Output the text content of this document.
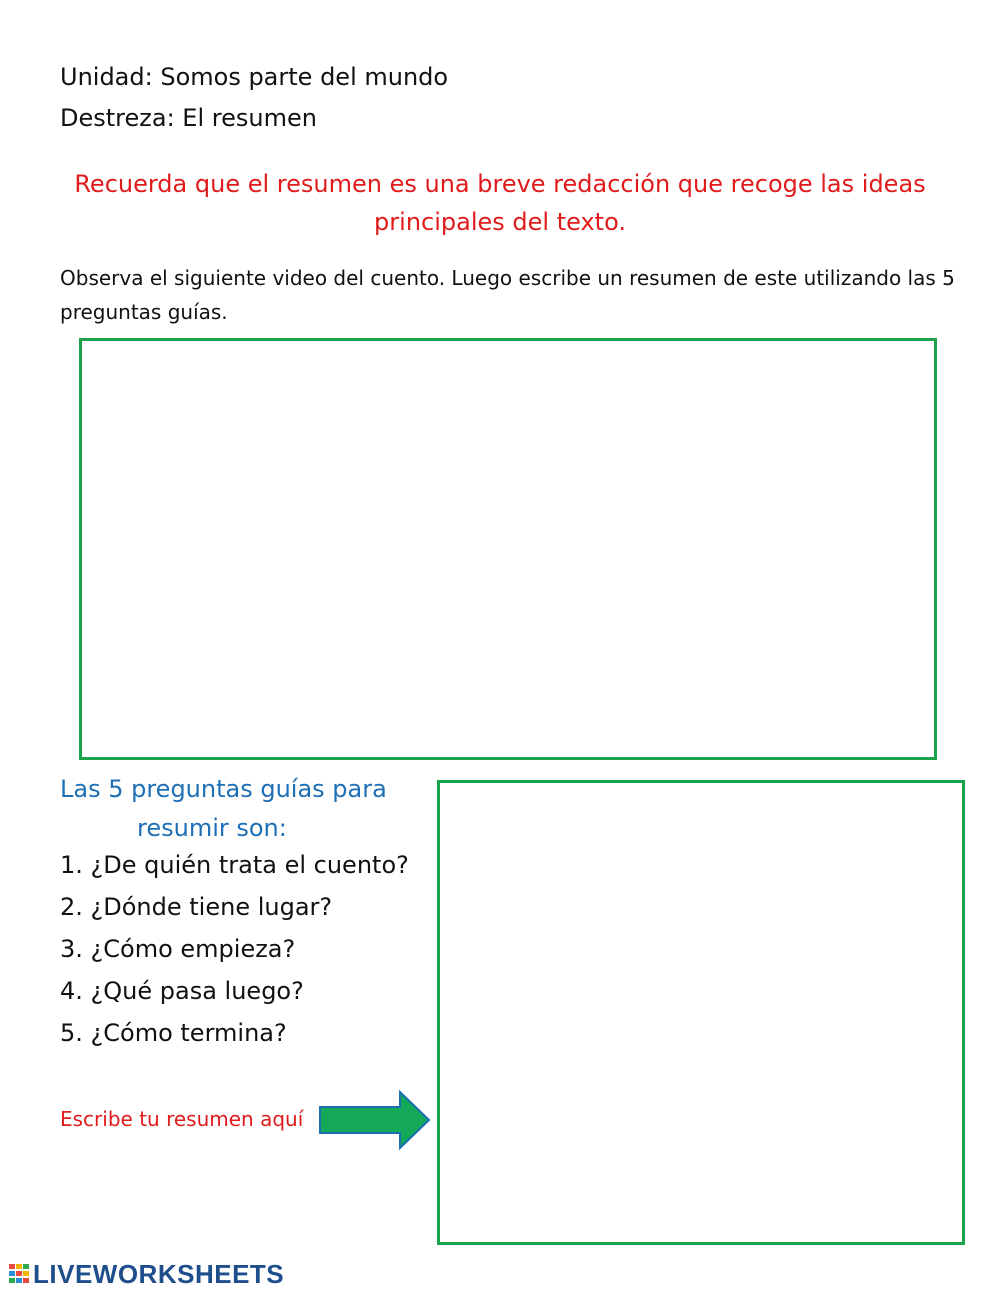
Unidad: Somos parte del mundo
Destreza: El resumen
Recuerda que el resumen es una breve redacción que recoge las ideas principales del texto.
Observa el siguiente video del cuento. Luego escribe un resumen de este utilizando las 5 preguntas guías.
Las 5 preguntas guías para
resumir son:
1. ¿De quién trata el cuento?
2. ¿Dónde tiene lugar?
3. ¿Cómo empieza?
4. ¿Qué pasa luego?
5. ¿Cómo termina?
Escribe tu resumen aquí
LIVEWORKSHEETS
